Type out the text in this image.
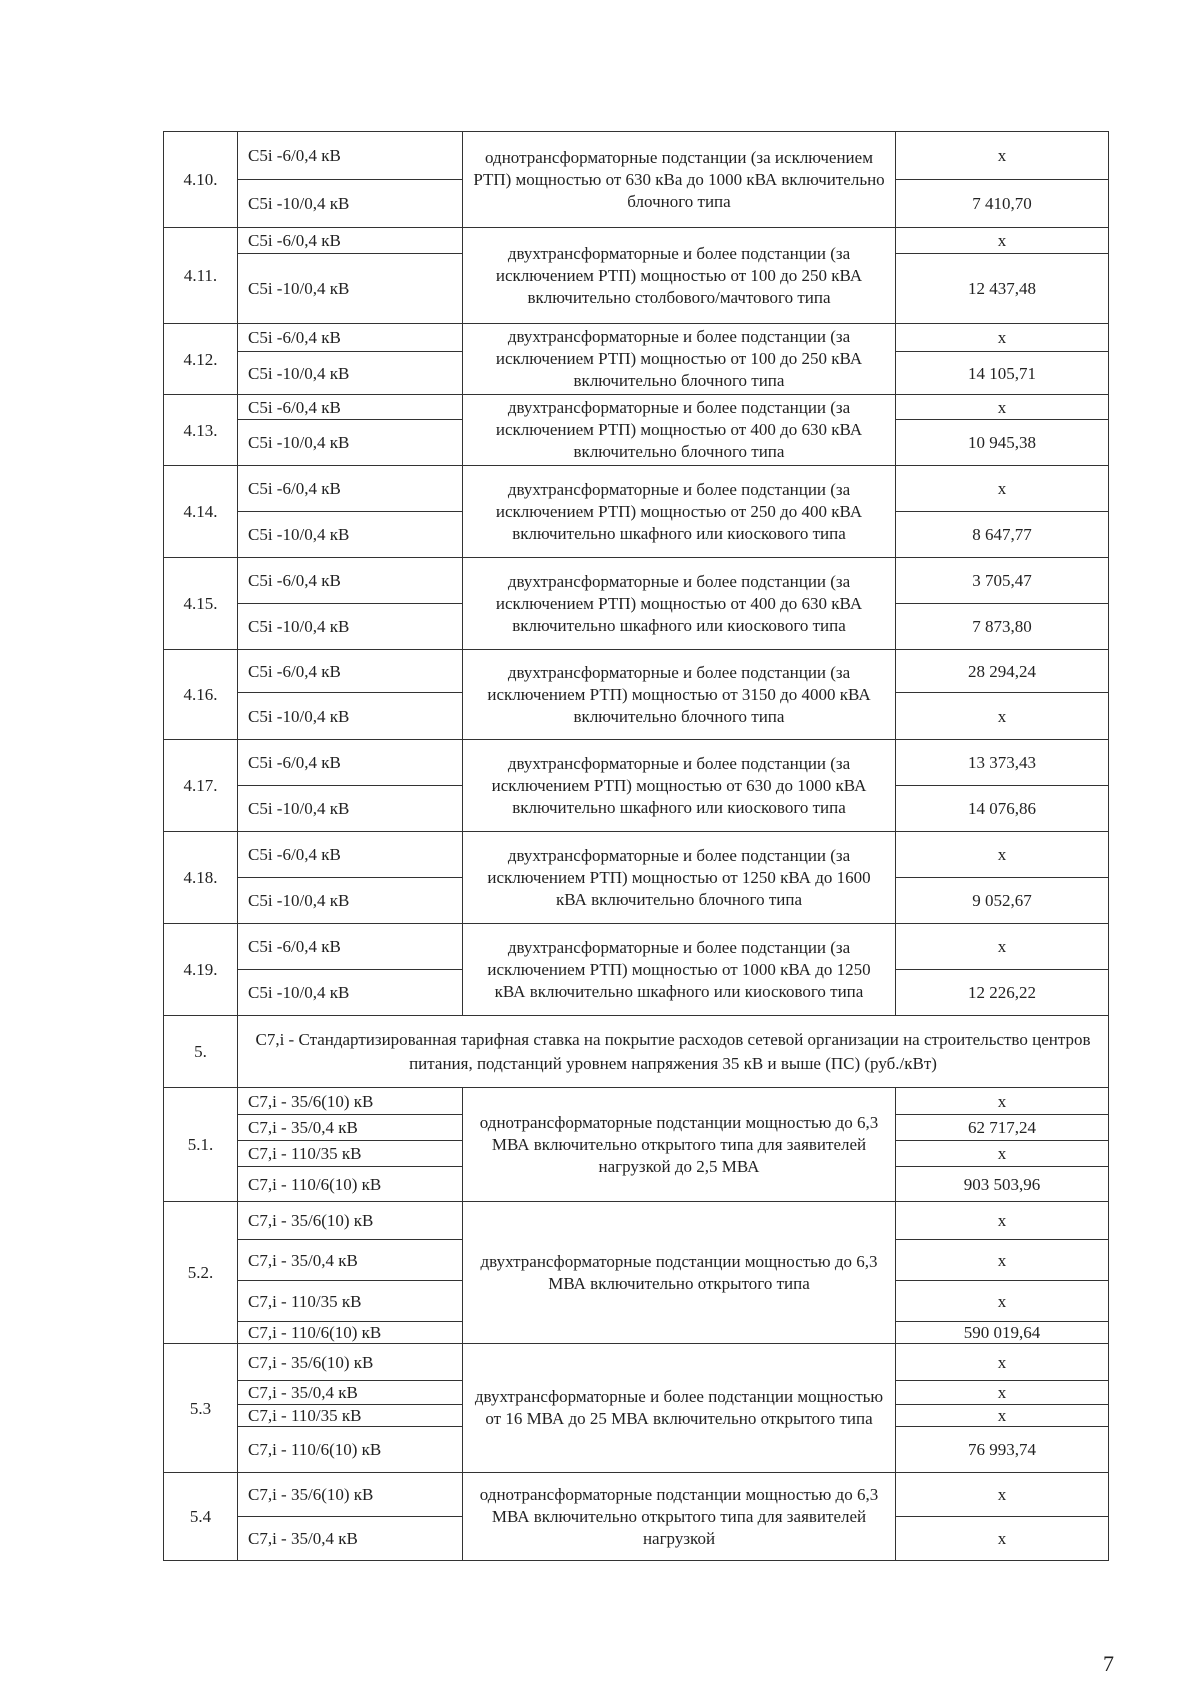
4.10.	С5i -6/0,4 кВ	однотрансформаторные подстанции (за исключением РТП) мощностью от 630 кВа до 1000 кВА включительно блочного типа	х
	С5i -10/0,4 кВ		7 410,70
4.11.	С5i -6/0,4 кВ	двухтрансформаторные и более подстанции (за исключением РТП) мощностью от 100 до 250 кВА включительно столбового/мачтового типа	х
	С5i -10/0,4 кВ		12 437,48
4.12.	С5i -6/0,4 кВ	двухтрансформаторные и более подстанции (за исключением РТП) мощностью от 100 до 250 кВА включительно блочного типа	х
	С5i -10/0,4 кВ		14 105,71
4.13.	С5i -6/0,4 кВ	двухтрансформаторные и более подстанции (за исключением РТП) мощностью от 400 до 630 кВА включительно блочного типа	х
	С5i -10/0,4 кВ		10 945,38
4.14.	С5i -6/0,4 кВ	двухтрансформаторные и более подстанции (за исключением РТП) мощностью от 250 до 400 кВА включительно шкафного или киоскового типа	х
	С5i -10/0,4 кВ		8 647,77
4.15.	С5i -6/0,4 кВ	двухтрансформаторные и более подстанции (за исключением РТП) мощностью от 400 до 630 кВА включительно шкафного или киоскового типа	3 705,47
	С5i -10/0,4 кВ		7 873,80
4.16.	С5i -6/0,4 кВ	двухтрансформаторные и более подстанции (за исключением РТП) мощностью от 3150 до 4000 кВА включительно блочного типа	28 294,24
	С5i -10/0,4 кВ		х
4.17.	С5i -6/0,4 кВ	двухтрансформаторные и более подстанции (за исключением РТП) мощностью от 630 до 1000 кВА включительно шкафного или киоскового типа	13 373,43
	С5i -10/0,4 кВ		14 076,86
4.18.	С5i -6/0,4 кВ	двухтрансформаторные и более подстанции (за исключением РТП) мощностью от 1250 кВА до 1600 кВА включительно блочного типа	х
	С5i -10/0,4 кВ		9 052,67
4.19.	С5i -6/0,4 кВ	двухтрансформаторные и более подстанции (за исключением РТП) мощностью от 1000 кВА до 1250 кВА включительно шкафного или киоскового типа	х
	С5i -10/0,4 кВ		12 226,22
5.	С7,i - Стандартизированная тарифная ставка на покрытие расходов сетевой организации на строительство центров питания, подстанций уровнем напряжения 35 кВ и выше (ПС) (руб./кВт)		
5.1.	С7,i - 35/6(10) кВ	однотрансформаторные подстанции мощностью до 6,3 МВА включительно открытого типа для заявителей нагрузкой до 2,5 МВА	х
	С7,i - 35/0,4 кВ		62 717,24
	С7,i - 110/35 кВ		х
	С7,i - 110/6(10) кВ		903 503,96
5.2.	С7,i - 35/6(10) кВ	двухтрансформаторные подстанции мощностью до 6,3 МВА включительно открытого типа	х
	С7,i - 35/0,4 кВ		х
	С7,i - 110/35 кВ		х
	С7,i - 110/6(10) кВ		590 019,64
5.3	С7,i - 35/6(10) кВ	двухтрансформаторные и более подстанции мощностью от 16 МВА до 25 МВА включительно открытого типа	х
	С7,i - 35/0,4 кВ		х
	С7,i - 110/35 кВ		х
	С7,i - 110/6(10) кВ		76 993,74
5.4	С7,i - 35/6(10) кВ	однотрансформаторные подстанции мощностью до 6,3 МВА включительно открытого типа для заявителей нагрузкой	х
	С7,i - 35/0,4 кВ		х
7
